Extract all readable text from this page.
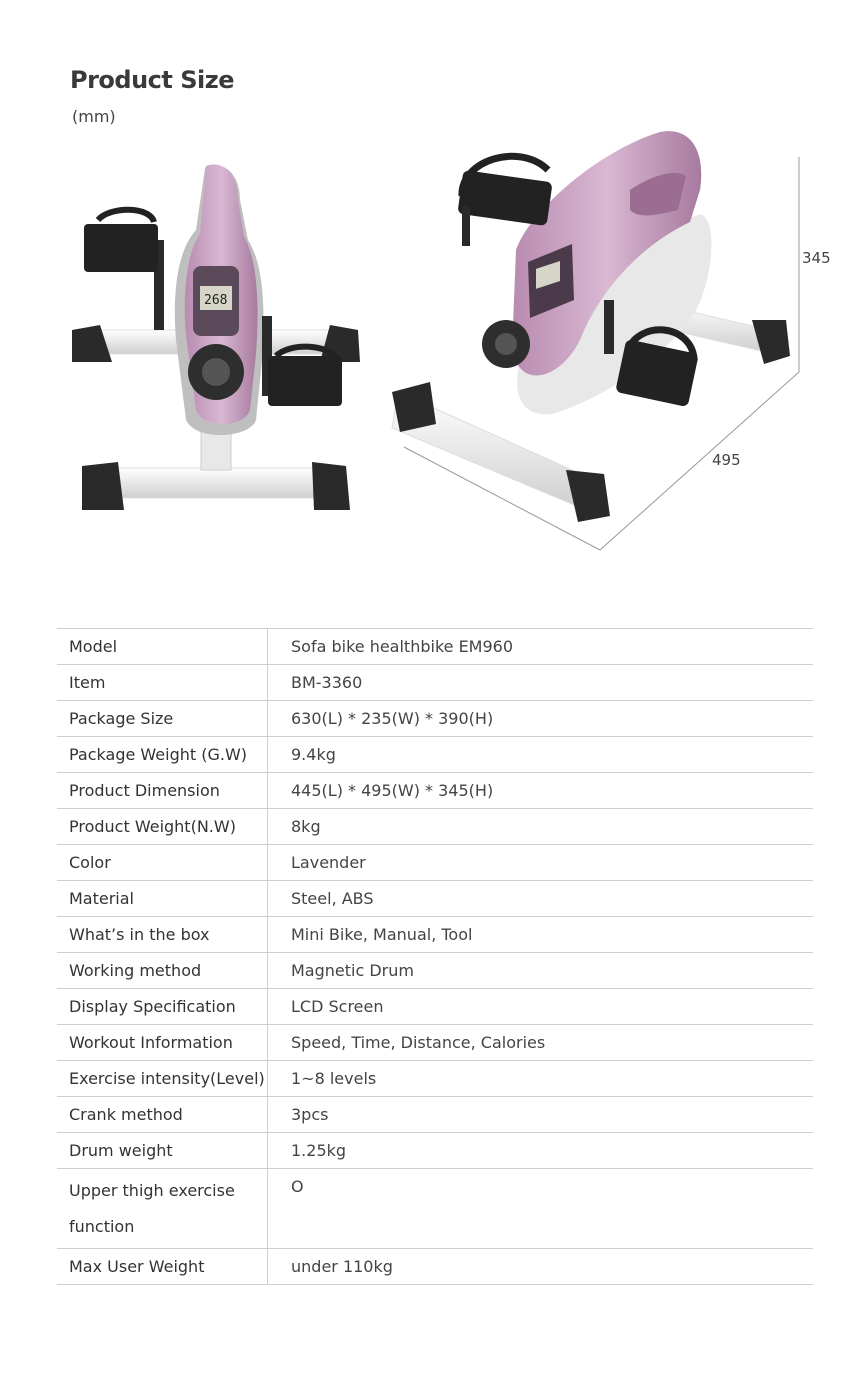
Product Size
(mm)
268
345
495
Model	Sofa bike healthbike EM960
Item	BM-3360
Package Size	630(L) * 235(W) * 390(H)
Package Weight (G.W)	9.4kg
Product Dimension	445(L) * 495(W) * 345(H)
Product Weight(N.W)	8kg
Color	Lavender
Material	Steel, ABS
What’s in the box	Mini Bike, Manual, Tool
Working method	Magnetic Drum
Display Specification	LCD Screen
Workout Information	Speed, Time, Distance, Calories
Exercise intensity(Level)	1~8 levels
Crank method	3pcs
Drum weight	1.25kg
Upper thigh exercise function	O
Max User Weight	under 110kg
